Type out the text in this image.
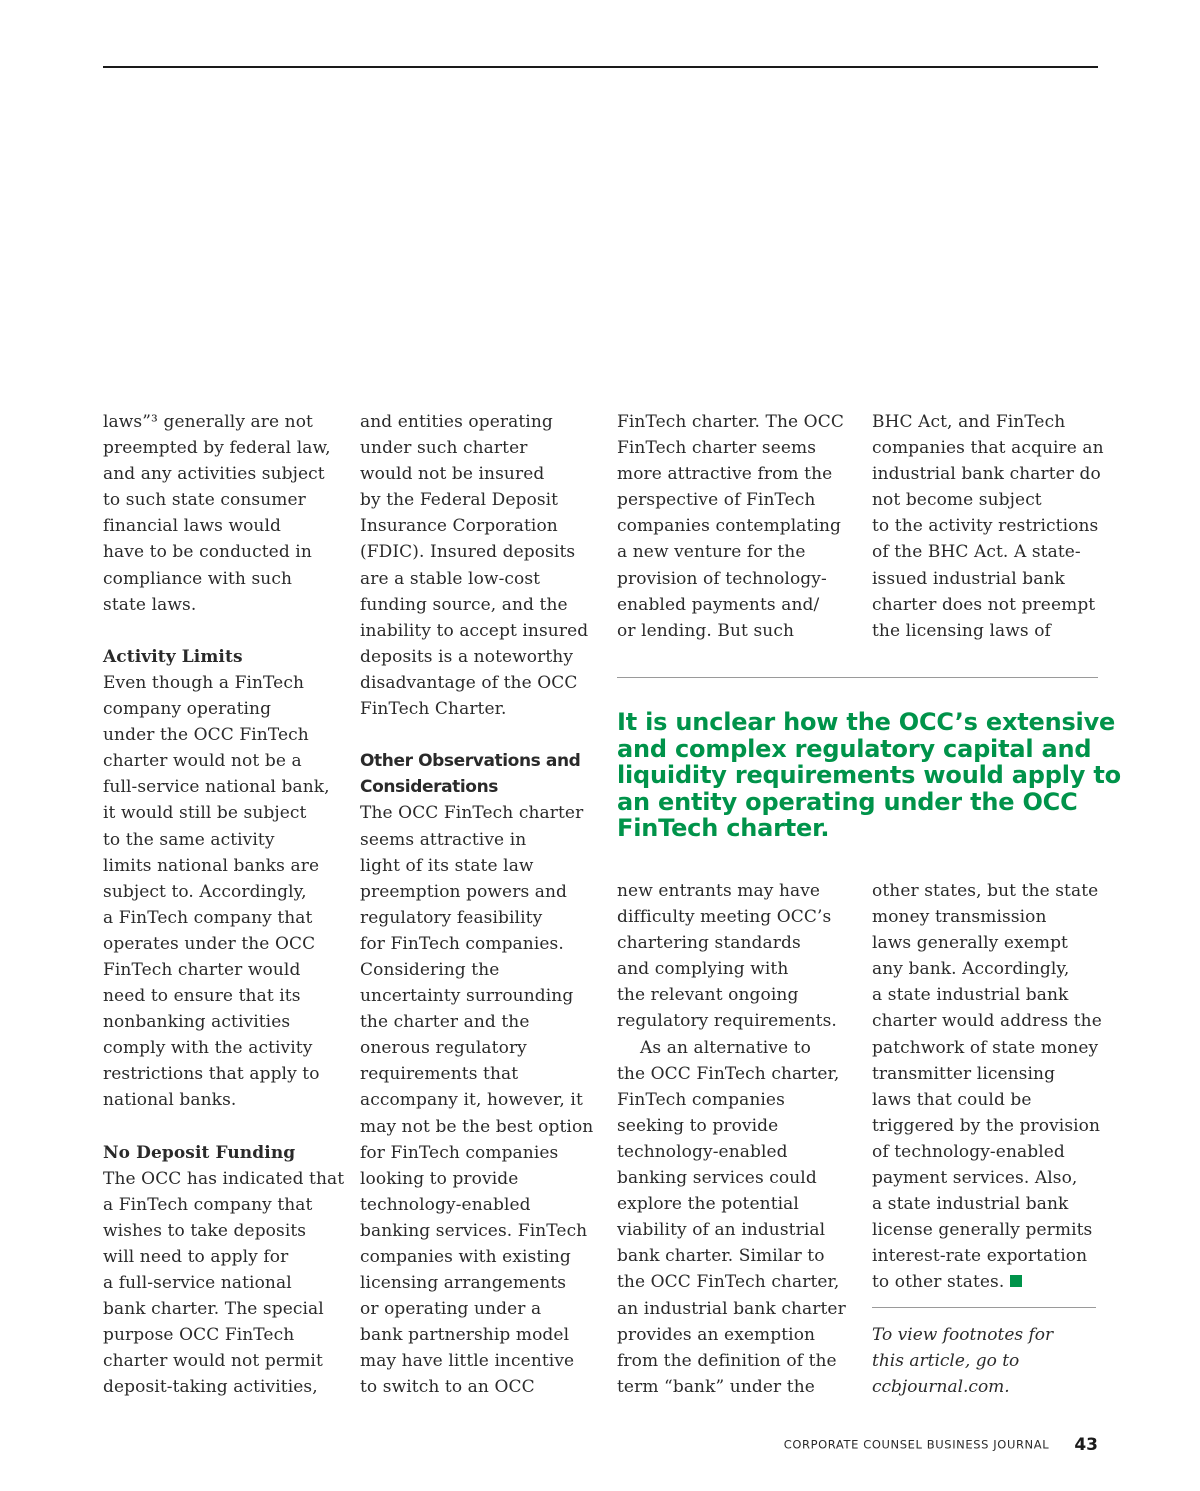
laws”³ generally are not
preempted by federal law,
and any activities subject
to such state consumer
financial laws would
have to be conducted in
compliance with such
state laws.
Activity Limits
Even though a FinTech
company operating
under the OCC FinTech
charter would not be a
full-service national bank,
it would still be subject
to the same activity
limits national banks are
subject to. Accordingly,
a FinTech company that
operates under the OCC
FinTech charter would
need to ensure that its
nonbanking activities
comply with the activity
restrictions that apply to
national banks.
No Deposit Funding
The OCC has indicated that
a FinTech company that
wishes to take deposits
will need to apply for
a full-service national
bank charter. The special
purpose OCC FinTech
charter would not permit
deposit-taking activities,
and entities operating
under such charter
would not be insured
by the Federal Deposit
Insurance Corporation
(FDIC). Insured deposits
are a stable low-cost
funding source, and the
inability to accept insured
deposits is a noteworthy
disadvantage of the OCC
FinTech Charter.
Other Observations and
Considerations
The OCC FinTech charter
seems attractive in
light of its state law
preemption powers and
regulatory feasibility
for FinTech companies.
Considering the
uncertainty surrounding
the charter and the
onerous regulatory
requirements that
accompany it, however, it
may not be the best option
for FinTech companies
looking to provide
technology-enabled
banking services. FinTech
companies with existing
licensing arrangements
or operating under a
bank partnership model
may have little incentive
to switch to an OCC
FinTech charter. The OCC
FinTech charter seems
more attractive from the
perspective of FinTech
companies contemplating
a new venture for the
provision of technology-
enabled payments and/
or lending. But such
BHC Act, and FinTech
companies that acquire an
industrial bank charter do
not become subject
to the activity restrictions
of the BHC Act. A state-
issued industrial bank
charter does not preempt
the licensing laws of
It is unclear how the OCC’s extensive
and complex regulatory capital and
liquidity requirements would apply to
an entity operating under the OCC
FinTech charter.
new entrants may have
difficulty meeting OCC’s
chartering standards
and complying with
the relevant ongoing
regulatory requirements.
As an alternative to
the OCC FinTech charter,
FinTech companies
seeking to provide
technology-enabled
banking services could
explore the potential
viability of an industrial
bank charter. Similar to
the OCC FinTech charter,
an industrial bank charter
provides an exemption
from the definition of the
term “bank” under the
other states, but the state
money transmission
laws generally exempt
any bank. Accordingly,
a state industrial bank
charter would address the
patchwork of state money
transmitter licensing
laws that could be
triggered by the provision
of technology-enabled
payment services. Also,
a state industrial bank
license generally permits
interest-rate exportation
to other states.
To view footnotes for
this article, go to
ccbjournal.com.
CORPORATE COUNSEL BUSINESS JOURNAL 43
